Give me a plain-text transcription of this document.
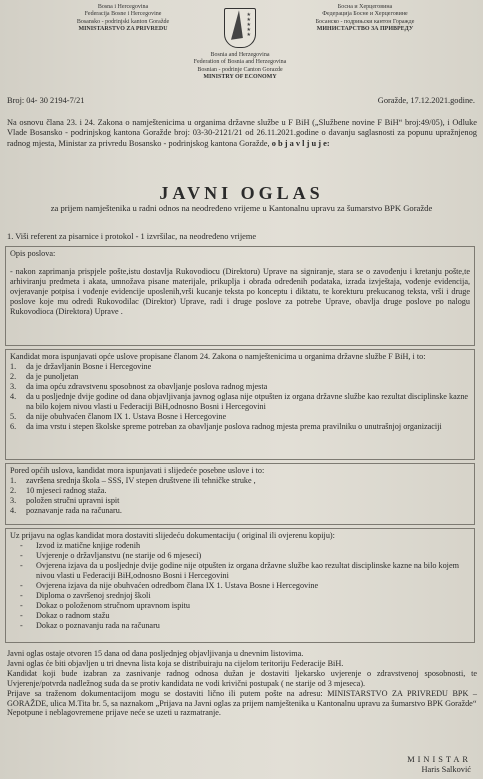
Bosna i Hercegovina
Federacija Bosne i Hercegovine
Bosansko - podrinjski kanton Goražde
MINISTARSTVO ZA PRIVREDU
★
★
★
★
★
Босна и Херцеговина
Федерација Босне и Херцеговине
Босанско - подрињски кантон Горажде
МИНИСТАРСТВО ЗА ПРИВРЕДУ
Bosnia and Herzegovina
Federation of Bosnia and Herzegovina
Bosnian - podrinje Canton Gorazde
MINISTRY OF ECONOMY
Broj: 04- 30 2194-7/21	Goražde, 17.12.2021.godine.
Na osnovu člana 23. i 24. Zakona o namještenicima u organima državne službe u F BiH („Službene novine F BiH“ broj:49/05), i Odluke Vlade Bosansko - podrinjskog kantona Goražde broj: 03-30-2121/21 od 26.11.2021.godine o davanju saglasnosti za popunu upražnjenog radnog mjesta, Ministar za privredu Bosansko - podrinjskog kantona Goražde, o b j a v l j u j e:
JAVNI OGLAS
za prijem namještenika u radni odnos na neodređeno vrijeme u Kantonalnu upravu za šumarstvo BPK Goražde
1. Viši referent za pisarnice i protokol - 1 izvršilac, na neodređeno vrijeme
Opis poslova:
- nakon zaprimanja prispjele pošte,istu dostavlja Rukovodiocu (Direktoru) Uprave na signiranje, stara se o zavođenju i kretanju pošte,te arhiviranju predmeta i akata, umnožava pisane materijale, prikuplja i obrađa određenih podataka, izrada izvještaja, vođenje evidencija, ovjeravanje potpisa i vođenje evidencije uposlenih,vrši kucanje teksta po konceptu i diktatu, te korekturu prekucanog teksta, vrši i druge poslove koje mu odredi Rukovodilac (Direktor) Uprave, radi i druge poslove za potrebe Uprave, obavlja druge poslove po nalogu Rukovodioca (Direktora) Uprave .
Kandidat mora ispunjavati opće uslove propisane članom 24. Zakona o namještenicima u organima državne službe F BiH, i to:
1.	da je državljanin Bosne i Hercegovine
2.	da je punoljetan
3.	da ima opću zdravstvenu sposobnost za obavljanje poslova radnog mjesta
4.	da u posljednje dvije godine od dana objavljivanja javnog oglasa nije otpušten iz organa državne službe kao rezultat disciplinske kazne na bilo kojem nivou vlasti u Federaciji BiH,odnosno Bosni i Hercegovini
5.	da nije obuhvaćen članom IX 1. Ustava Bosne i Hercegovine
6.	da ima vrstu i stepen školske spreme potreban za obavljanje poslova radnog mjesta prema pravilniku o unutrašnjoj organizaciji
Pored općih uslova, kandidat mora ispunjavati i slijedeće posebne uslove i to:
1.	završena srednja škola – SSS, IV stepen društvene ili tehničke struke ,
2.	10 mjeseci radnog staža.
3.	položen stručni upravni ispit
4.	poznavanje rada na računaru.
Uz prijavu na oglas kandidat mora dostaviti slijedeću dokumentaciju ( original ili ovjerenu kopiju):
-	Izvod iz matične knjige rođenih
-	Uvjerenje o državljanstvu (ne starije od 6 mjeseci)
-	Ovjerena izjava da u posljednje dvije godine nije otpušten iz organa državne službe kao rezultat disciplinske kazne na bilo kojem nivou vlasti u Federaciji BiH,odnosno Bosni i Hercegovini
-	Ovjerena izjava da nije obuhvaćen odredbom člana IX 1. Ustava Bosne i Hercegovine
-	Diploma o završenoj srednjoj školi
-	Dokaz o položenom stručnom upravnom ispitu
-	Dokaz o radnom stažu
-	Dokaz o poznavanju rada na računaru
Javni oglas ostaje otvoren 15 dana od dana posljednjeg objavljivanja u dnevnim listovima.
Javni oglas će biti objavljen u tri dnevna lista koja se distribuiraju na cijelom teritoriju Federacije BiH.
Kandidat koji bude izabran za zasnivanje radnog odnosa dužan je dostaviti ljekarsko uvjerenje o zdravstvenoj sposobnosti, te Uvjerenje/potvrda nadležnog suda da se protiv kandidata ne vodi krivični postupak ( ne starije od 3 mjeseca).
Prijave sa traženom dokumentacijom mogu se dostaviti lično ili putem pošte na adresu: MINISTARSTVO ZA PRIVREDU BPK – GORAŽDE, ulica M.Tita br. 5, sa naznakom „Prijava na Javni oglas za prijem namještenika u Kantonalnu upravu za šumarstvo BPK Goražde“
Nepotpune i neblagovremene prijave neće se uzeti u razmatranje.
MINISTAR
Haris Salković
